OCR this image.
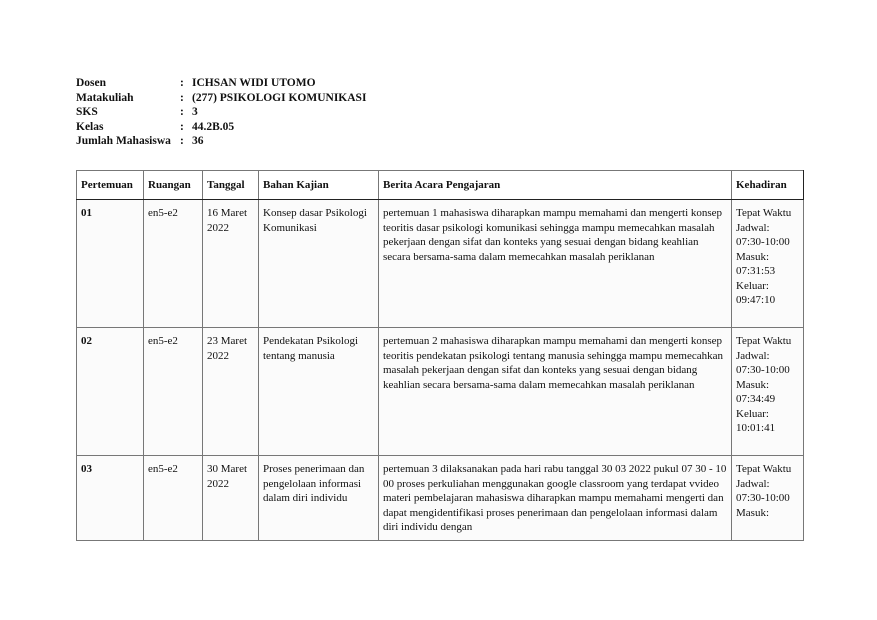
Dosen	: ICHSAN WIDI UTOMO
Matakuliah	: (277) PSIKOLOGI KOMUNIKASI
SKS	: 3
Kelas	: 44.2B.05
Jumlah Mahasiswa : 36
Pertemuan	Ruangan	Tanggal	Bahan Kajian	Berita Acara Pengajaran	Kehadiran
01	en5-e2	16 Maret 2022	Konsep dasar Psikologi Komunikasi	pertemuan 1 mahasiswa diharapkan mampu memahami dan mengerti konsep teoritis dasar psikologi komunikasi sehingga mampu memecahkan masalah pekerjaan dengan sifat dan konteks yang sesuai dengan bidang keahlian secara bersama-sama dalam memecahkan masalah periklanan	Tepat Waktu Jadwal: 07:30-10:00 Masuk: 07:31:53 Keluar: 09:47:10
02	en5-e2	23 Maret 2022	Pendekatan Psikologi tentang manusia	pertemuan 2 mahasiswa diharapkan mampu memahami dan mengerti konsep teoritis pendekatan psikologi tentang manusia sehingga mampu memecahkan masalah pekerjaan dengan sifat dan konteks yang sesuai dengan bidang keahlian secara bersama-sama dalam memecahkan masalah periklanan	Tepat Waktu Jadwal: 07:30-10:00 Masuk: 07:34:49 Keluar: 10:01:41

03	en5-e2	30 Maret 2022	Proses penerimaan dan pengelolaan informasi dalam diri individu	pertemuan 3 dilaksanakan pada hari rabu tanggal 30 03 2022 pukul 07 30 - 10 00 proses perkuliahan menggunakan google classroom yang terdapat vvideo materi pembelajaran mahasiswa diharapkan mampu memahami mengerti dan dapat mengidentifikasi proses penerimaan dan pengelolaan informasi dalam diri individu dengan	Tepat Waktu Jadwal: 07:30-10:00 Masuk:
